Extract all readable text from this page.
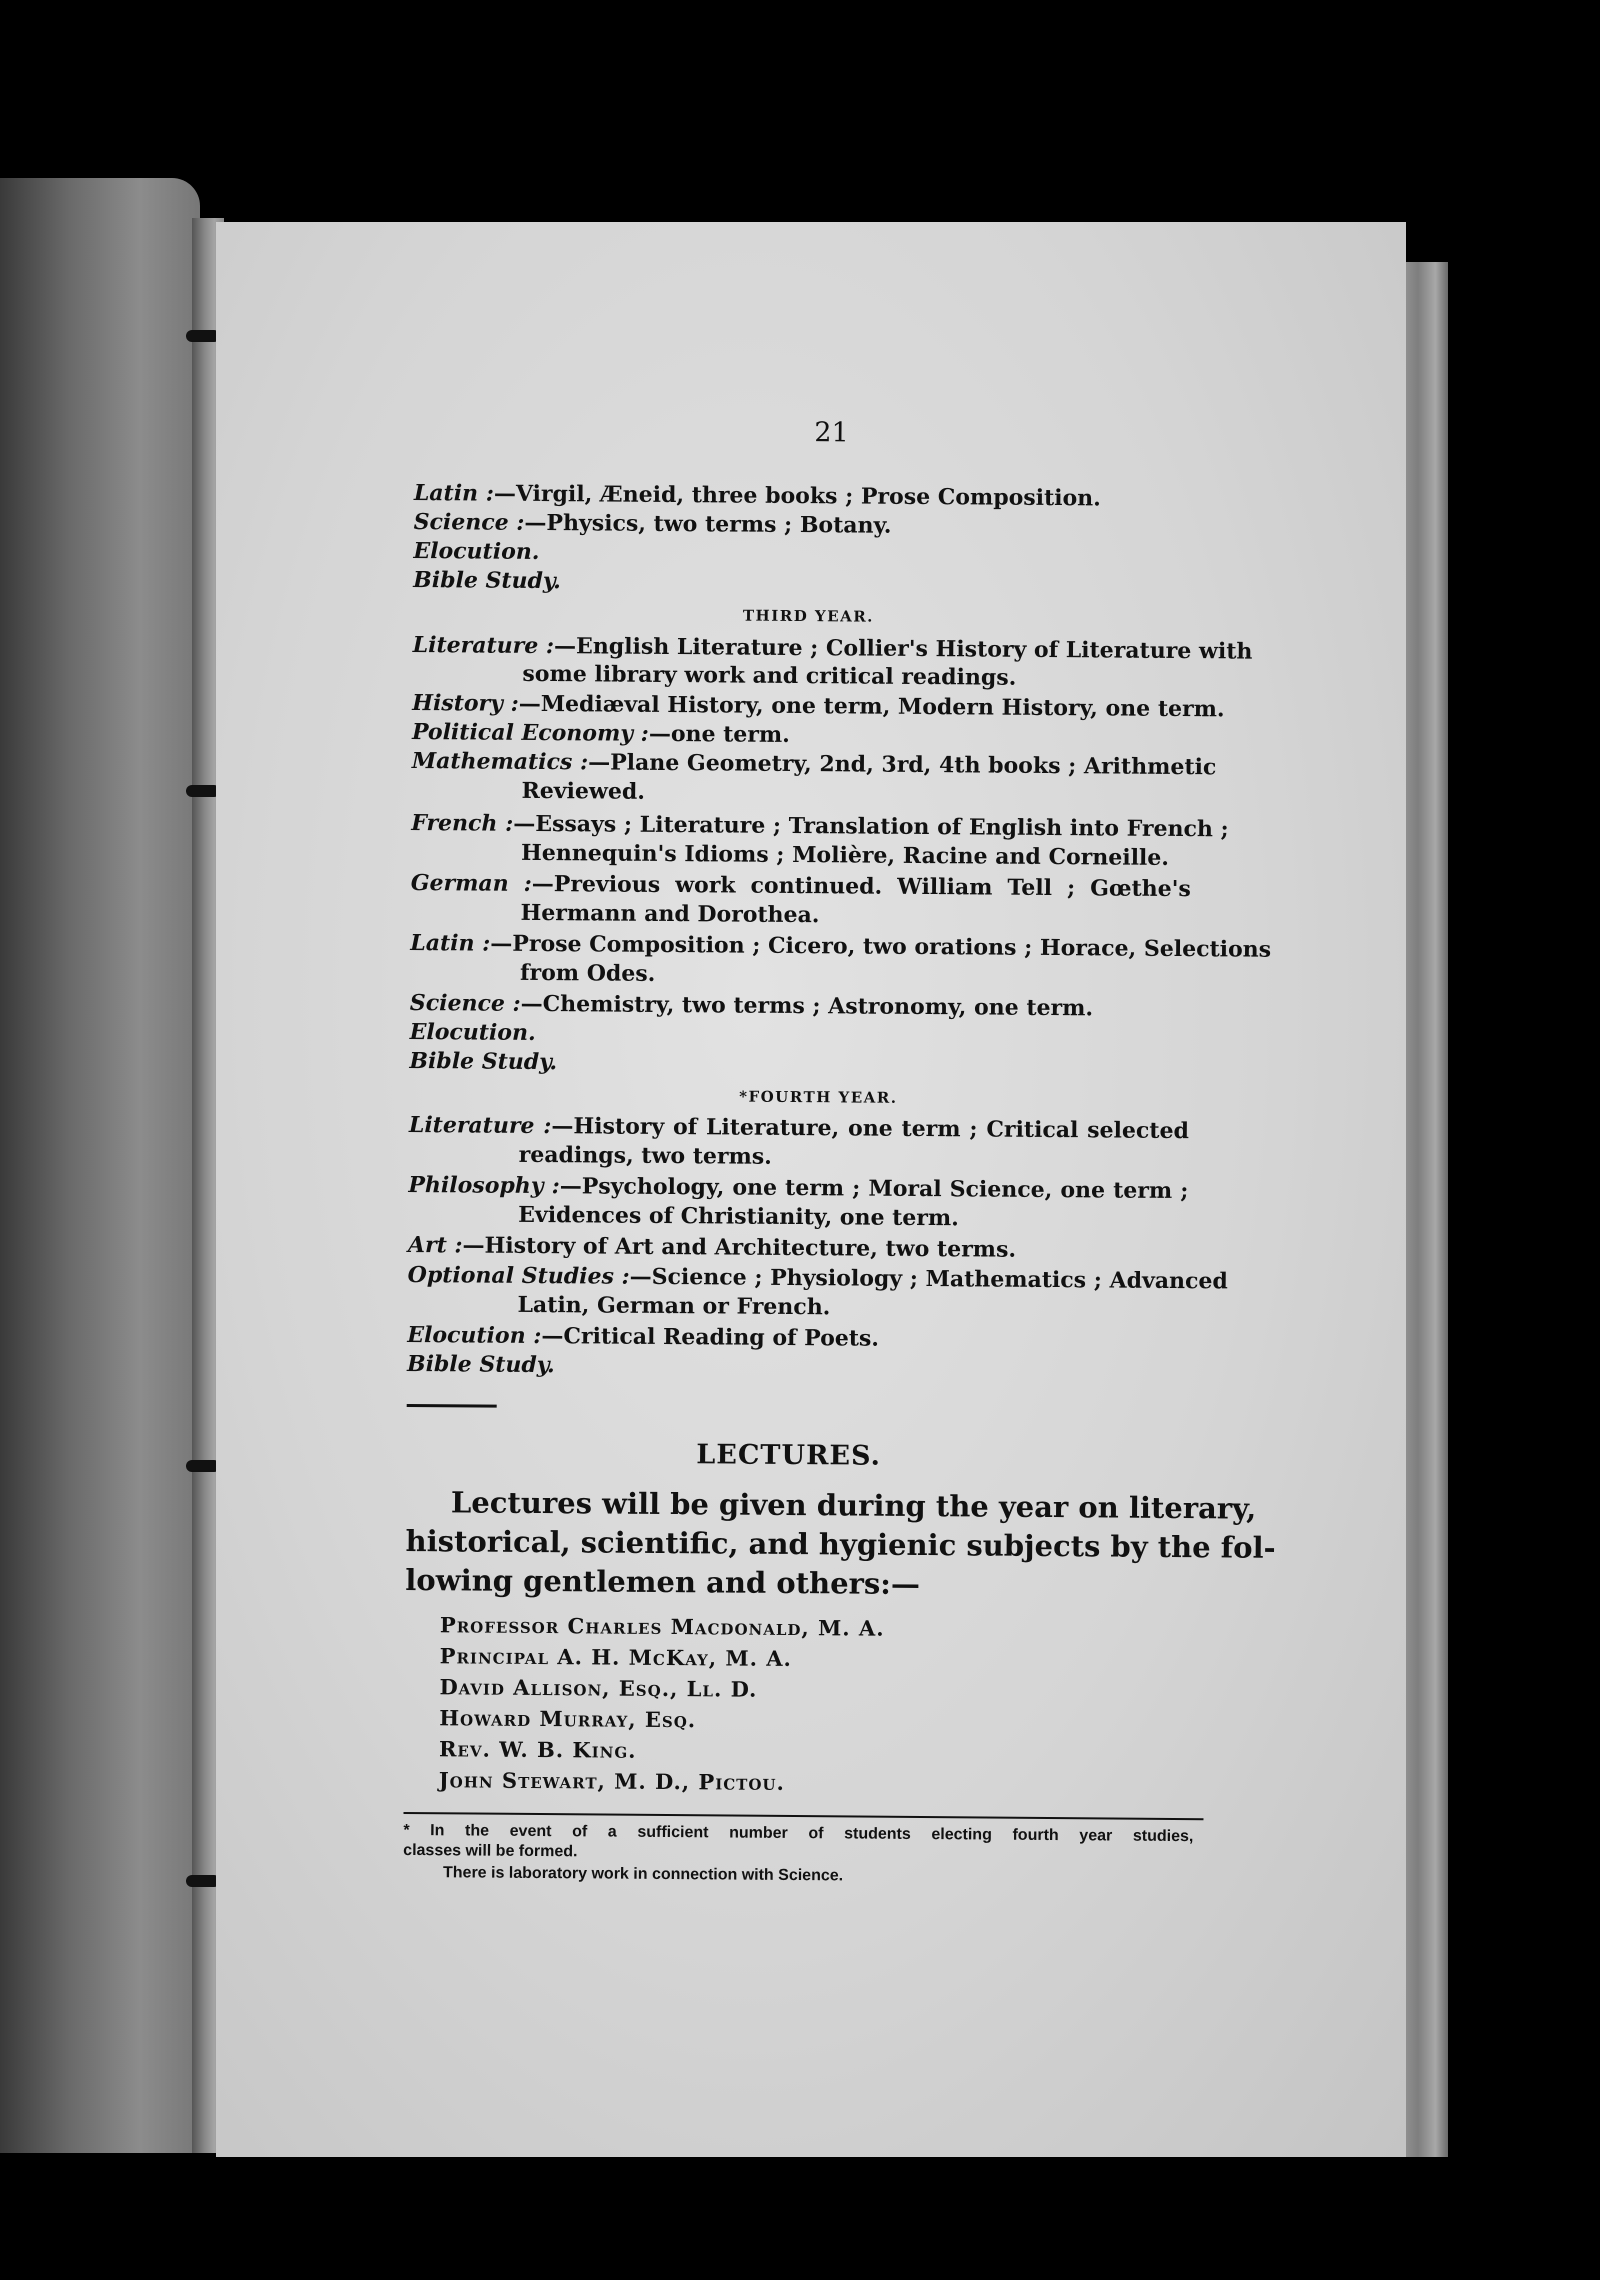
21
Latin :—Virgil, Æneid, three books ; Prose Composition.
Science :—Physics, two terms ; Botany.
Elocution.
Bible Study.
THIRD YEAR.
Literature :—English Literature ; Collier's History of Literature with
some library work and critical readings.
History :—Mediæval History, one term, Modern History, one term.
Political Economy :—one term.
Mathematics :—Plane Geometry, 2nd, 3rd, 4th books ; Arithmetic
Reviewed.
French :—Essays ; Literature ; Translation of English into French ;
Hennequin's Idioms ; Molière, Racine and Corneille.
German :—Previous work continued. William Tell ; Gœthe's
Hermann and Dorothea.
Latin :—Prose Composition ; Cicero, two orations ; Horace, Selections
from Odes.
Science :—Chemistry, two terms ; Astronomy, one term.
Elocution.
Bible Study.
*FOURTH YEAR.
Literature :—History of Literature, one term ; Critical selected
readings, two terms.
Philosophy :—Psychology, one term ; Moral Science, one term ;
Evidences of Christianity, one term.
Art :—History of Art and Architecture, two terms.
Optional Studies :—Science ; Physiology ; Mathematics ; Advanced
Latin, German or French.
Elocution :—Critical Reading of Poets.
Bible Study.
LECTURES.
Lectures will be given during the year on literary,
historical, scientific, and hygienic subjects by the fol-
lowing gentlemen and others:—
Professor Charles Macdonald, M. A.
Principal A. H. McKay, M. A.
David Allison, Esq., Ll. D.
Howard Murray, Esq.
Rev. W. B. King.
John Stewart, M. D., Pictou.
* In the event of a sufficient number of students electing fourth year studies,
classes will be formed.
There is laboratory work in connection with Science.
